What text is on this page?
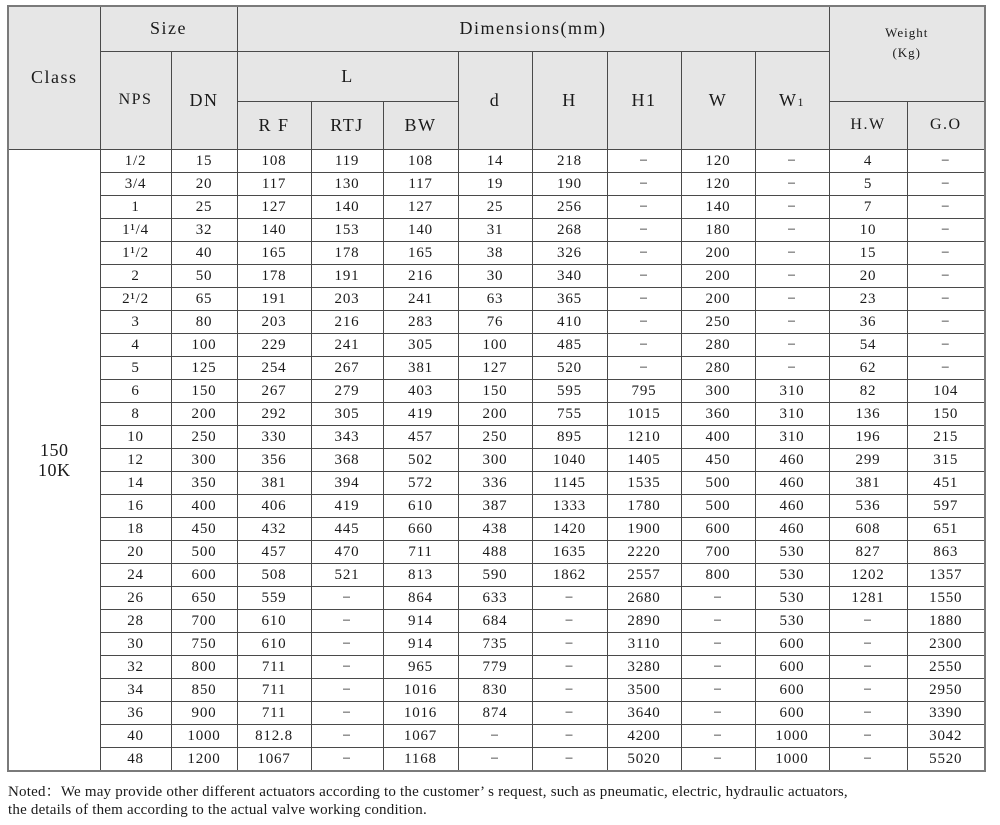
Class	Size		Dimensions(mm)								Weight
(Kg)	

	NPS	DN	L			d	H	H1	W	W1		
			R F	RTJ	BW						H.W	G.O

150
10K	1/2	15	108	119	108	14	218	−	120	−	4	−
	3/4	20	117	130	117	19	190	−	120	−	5	−
	1	25	127	140	127	25	256	−	140	−	7	−
	1¹/4	32	140	153	140	31	268	−	180	−	10	−
	1¹/2	40	165	178	165	38	326	−	200	−	15	−
	2	50	178	191	216	30	340	−	200	−	20	−
	2¹/2	65	191	203	241	63	365	−	200	−	23	−
	3	80	203	216	283	76	410	−	250	−	36	−
	4	100	229	241	305	100	485	−	280	−	54	−
	5	125	254	267	381	127	520	−	280	−	62	−
	6	150	267	279	403	150	595	795	300	310	82	104
	8	200	292	305	419	200	755	1015	360	310	136	150
	10	250	330	343	457	250	895	1210	400	310	196	215
	12	300	356	368	502	300	1040	1405	450	460	299	315
	14	350	381	394	572	336	1145	1535	500	460	381	451
	16	400	406	419	610	387	1333	1780	500	460	536	597
	18	450	432	445	660	438	1420	1900	600	460	608	651
	20	500	457	470	711	488	1635	2220	700	530	827	863
	24	600	508	521	813	590	1862	2557	800	530	1202	1357
	26	650	559	−	864	633	−	2680	−	530	1281	1550
	28	700	610	−	914	684	−	2890	−	530	−	1880
	30	750	610	−	914	735	−	3110	−	600	−	2300
	32	800	711	−	965	779	−	3280	−	600	−	2550
	34	850	711	−	1016	830	−	3500	−	600	−	2950
	36	900	711	−	1016	874	−	3640	−	600	−	3390
	40	1000	812.8	−	1067	−	−	4200	−	1000	−	3042
	48	1200	1067	−	1168	−	−	5020	−	1000	−	5520
Noted：We may provide other different actuators according to the customer’ s request, such as pneumatic, electric, hydraulic actuators,
the details of them according to the actual valve working condition.
